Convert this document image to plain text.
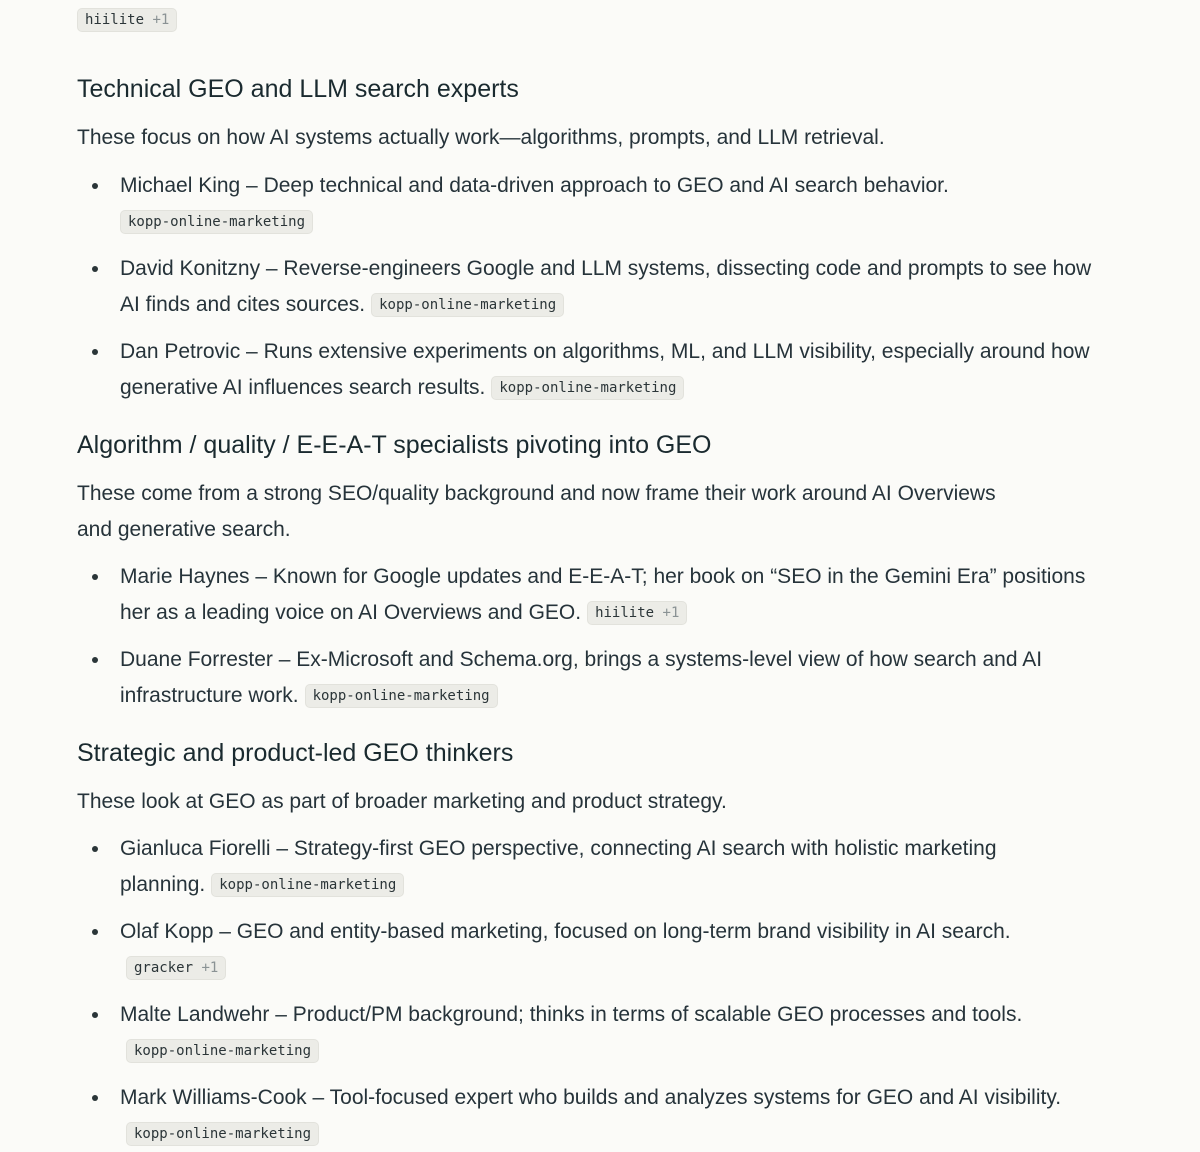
hiilite +1
Technical GEO and LLM search experts

These focus on how AI systems actually work—algorithms, prompts, and LLM retrieval.

Michael King – Deep technical and data-driven approach to GEO and AI search behavior.
kopp-online-marketing
David Konitzny – Reverse-engineers Google and LLM systems, dissecting code and prompts to see how AI finds and cites sources. kopp-online-marketing
Dan Petrovic – Runs extensive experiments on algorithms, ML, and LLM visibility, especially around how generative AI influences search results. kopp-online-marketing
Algorithm / quality / E-E-A-T specialists pivoting into GEO

These come from a strong SEO/quality background and now frame their work around AI Overviews and generative search.

Marie Haynes – Known for Google updates and E-E-A-T; her book on “SEO in the Gemini Era” positions her as a leading voice on AI Overviews and GEO. hiilite +1
Duane Forrester – Ex-Microsoft and Schema.org, brings a systems-level view of how search and AI infrastructure work. kopp-online-marketing
Strategic and product-led GEO thinkers

These look at GEO as part of broader marketing and product strategy.

Gianluca Fiorelli – Strategy-first GEO perspective, connecting AI search with holistic marketing planning. kopp-online-marketing
Olaf Kopp – GEO and entity-based marketing, focused on long-term brand visibility in AI search.gracker +1
Malte Landwehr – Product/PM background; thinks in terms of scalable GEO processes and tools.kopp-online-marketing
Mark Williams-Cook – Tool-focused expert who builds and analyzes systems for GEO and AI visibility.kopp-online-marketing
